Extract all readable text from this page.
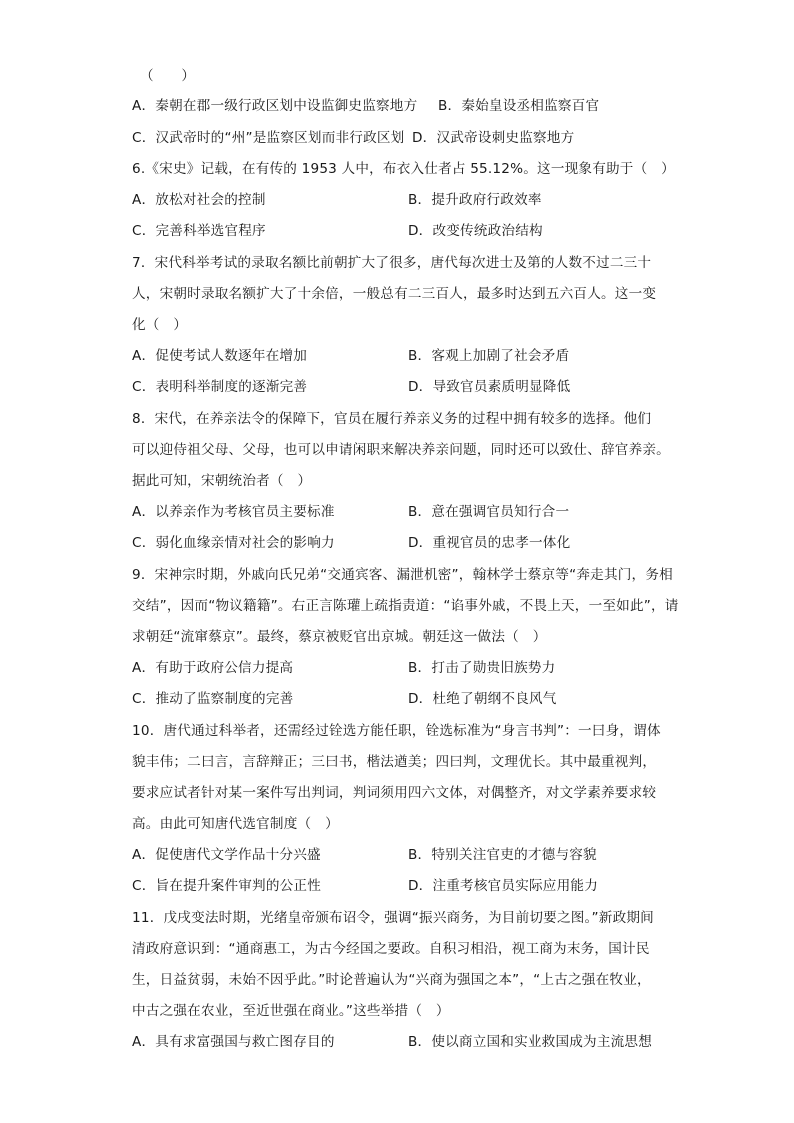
（　　）
A．秦朝在郡一级行政区划中设监御史监察地方 B．秦始皇设丞相监察百官
C．汉武帝时的“州”是监察区划而非行政区划 D．汉武帝设刺史监察地方
6.《宋史》记载，在有传的 1953 人中，布衣入仕者占 55.12%。这一现象有助于（　）
A．放松对社会的控制	B．提升政府行政效率
C．完善科举选官程序	D．改变传统政治结构
7．宋代科举考试的录取名额比前朝扩大了很多，唐代每次进士及第的人数不过二三十
人，宋朝时录取名额扩大了十余倍，一般总有二三百人，最多时达到五六百人。这一变
化（　）
A．促使考试人数逐年在增加	B．客观上加剧了社会矛盾
C．表明科举制度的逐渐完善	D．导致官员素质明显降低
8．宋代，在养亲法令的保障下，官员在履行养亲义务的过程中拥有较多的选择。他们
可以迎侍祖父母、父母，也可以申请闲职来解决养亲问题，同时还可以致仕、辞官养亲。
据此可知，宋朝统治者（　）
A．以养亲作为考核官员主要标准	B．意在强调官员知行合一
C．弱化血缘亲情对社会的影响力	D．重视官员的忠孝一体化
9．宋神宗时期，外戚向氏兄弟“交通宾客、漏泄机密”，翰林学士蔡京等“奔走其门，务相
交结”，因而“物议籍籍”。右正言陈瓘上疏指责道：“谄事外戚，不畏上天，一至如此”，请
求朝廷“流窜蔡京”。最终，蔡京被贬官出京城。朝廷这一做法（　）
A．有助于政府公信力提高	B．打击了勋贵旧族势力
C．推动了监察制度的完善	D．杜绝了朝纲不良风气
10．唐代通过科举者，还需经过铨选方能任职，铨选标准为“身言书判”：一曰身，谓体
貌丰伟；二曰言，言辞辩正；三曰书，楷法遒美；四曰判，文理优长。其中最重视判，
要求应试者针对某一案件写出判词，判词须用四六文体，对偶整齐，对文学素养要求较
高。由此可知唐代选官制度（　）
A．促使唐代文学作品十分兴盛	B．特别关注官吏的才德与容貌
C．旨在提升案件审判的公正性	D．注重考核官员实际应用能力
11．戊戌变法时期，光绪皇帝颁布诏令，强调“振兴商务，为目前切要之图。”新政期间
清政府意识到：“通商惠工，为古今经国之要政。自积习相沿，视工商为末务，国计民
生，日益贫弱，未始不因乎此。”时论普遍认为“兴商为强国之本”，“上古之强在牧业，
中古之强在农业，至近世强在商业。”这些举措（　）
A．具有求富强国与救亡图存目的	B．使以商立国和实业救国成为主流思想
